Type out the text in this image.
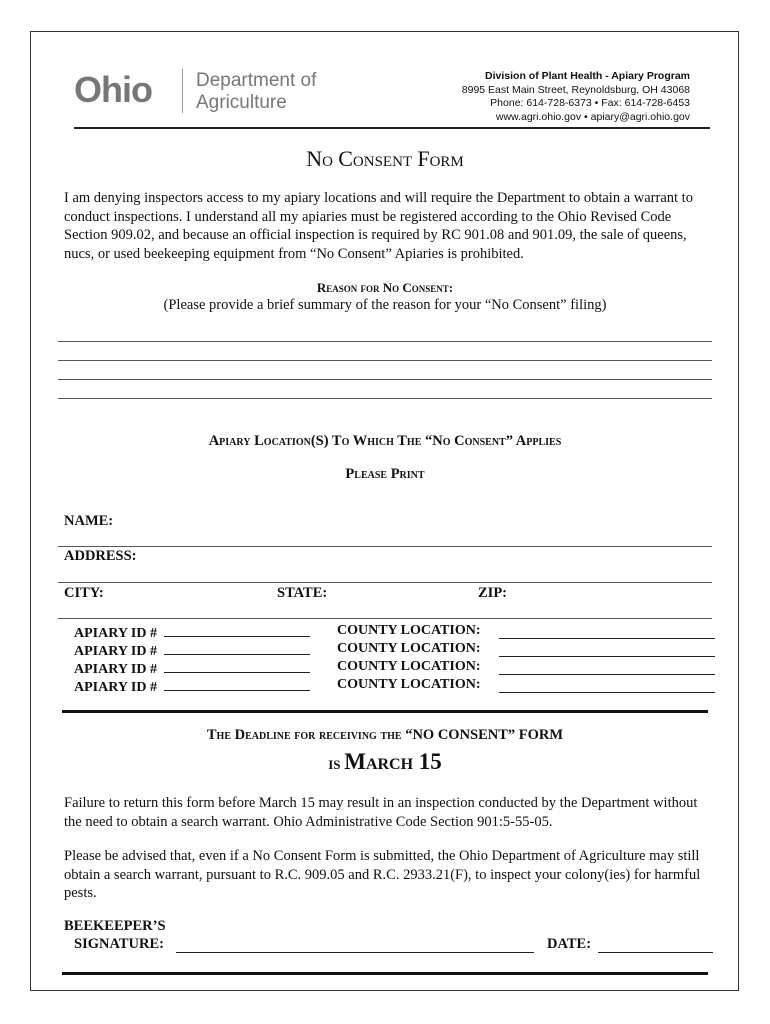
Ohio Department of
Agriculture
Division of Plant Health - Apiary Program
8995 East Main Street, Reynoldsburg, OH 43068
Phone: 614-728-6373 • Fax: 614-728-6453
www.agri.ohio.gov • apiary@agri.ohio.gov
NO CONSENT FORM
I am denying inspectors access to my apiary locations and will require the Department to obtain a warrant to conduct inspections. I understand all my apiaries must be registered according to the Ohio Revised Code Section 909.02, and because an official inspection is required by RC 901.08 and 901.09, the sale of queens, nucs, or used beekeeping equipment from “No Consent” Apiaries is prohibited.
Reason for No Consent:
(Please provide a brief summary of the reason for your “No Consent” filing)
Apiary Location(S) To Which The “No Consent” Applies
Please Print
NAME:
ADDRESS:
CITY:	STATE:	ZIP:
APIARY ID #	COUNTY LOCATION:
APIARY ID #	COUNTY LOCATION:
APIARY ID #	COUNTY LOCATION:
APIARY ID #	COUNTY LOCATION:
The Deadline for receiving the “NO CONSENT” FORM
IS March 15
Failure to return this form before March 15 may result in an inspection conducted by the Department without the need to obtain a search warrant. Ohio Administrative Code Section 901:5-55-05.
Please be advised that, even if a No Consent Form is submitted, the Ohio Department of Agriculture may still obtain a search warrant, pursuant to R.C. 909.05 and R.C. 2933.21(F), to inspect your colony(ies) for harmful pests.
BEEKEEPER’S
SIGNATURE:	DATE:
